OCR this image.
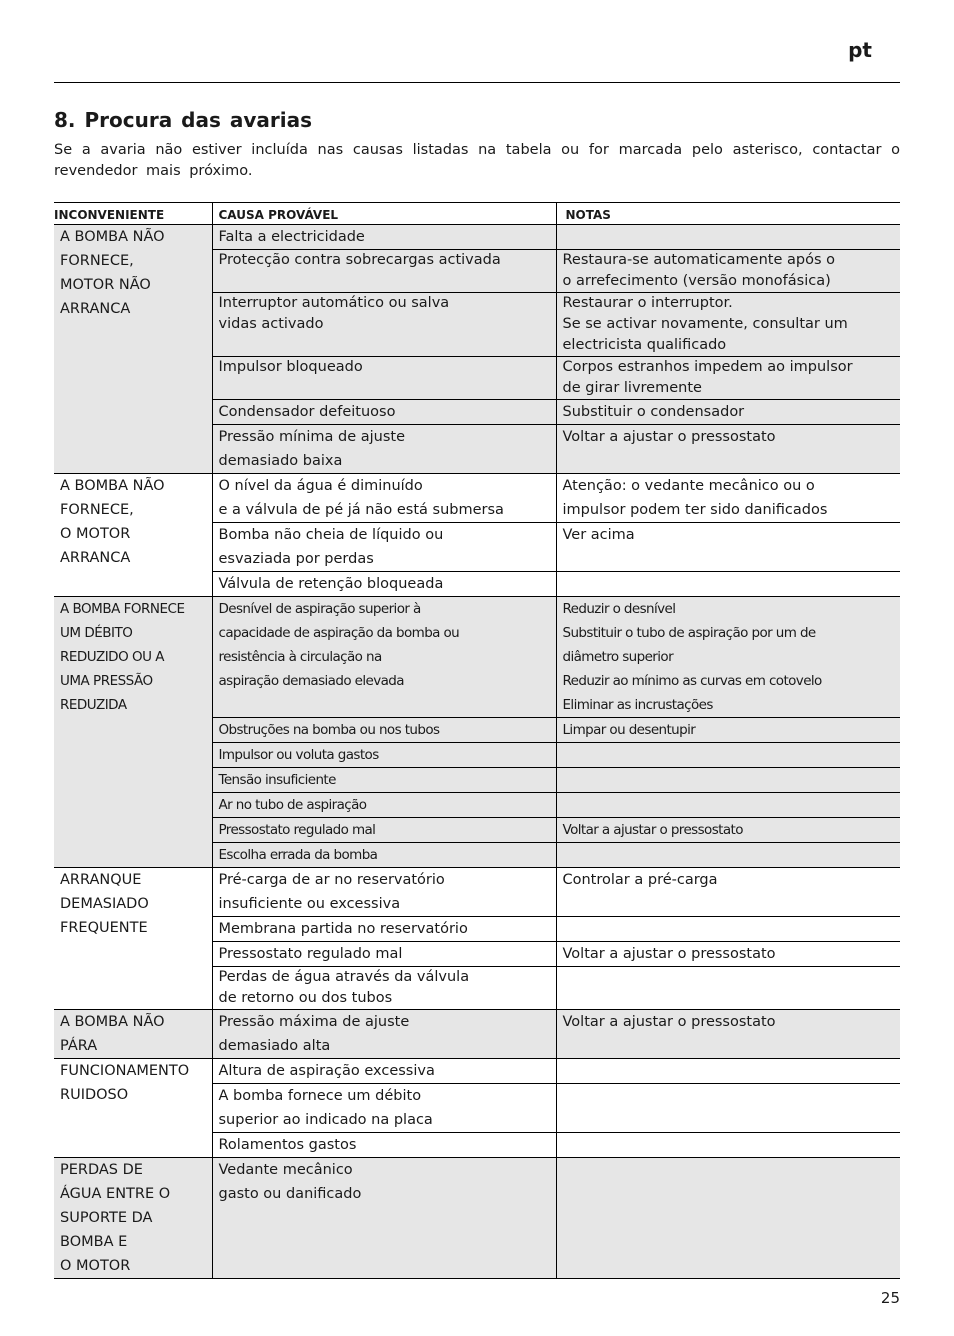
pt
8. Procura das avarias

Se a avaria não estiver incluída nas causas listadas na tabela ou for marcada pelo asterisco, contactar o revendedor mais próximo.

INCONVENIENTE	CAUSA PROVÁVEL	NOTAS

A BOMBA NÃO
FORNECE,
MOTOR NÃO
ARRANCA	Falta a electricidade	

	Protecção contra sobrecargas activada	Restaura-se automaticamente após o
o arrefecimento (versão monofásica)

	Interruptor automático ou salva
vidas activado	Restaurar o interruptor.
Se se activar novamente, consultar um
electricista qualificado

	Impulsor bloqueado	Corpos estranhos impedem ao impulsor
de girar livremente

	Condensador defeituoso	Substituir o condensador

	Pressão mínima de ajuste
demasiado baixa	Voltar a ajustar o pressostato

A BOMBA NÃO
FORNECE,
O MOTOR
ARRANCA	O nível da água é diminuído
e a válvula de pé já não está submersa	Atenção: o vedante mecânico ou o
impulsor podem ter sido danificados

	Bomba não cheia de líquido ou
esvaziada por perdas	Ver acima

	Válvula de retenção bloqueada	

A BOMBA FORNECE
UM DÉBITO
REDUZIDO OU A
UMA PRESSÃO
REDUZIDA	Desnível de aspiração superior à
capacidade de aspiração da bomba ou
resistência à circulação na
aspiração demasiado elevada	Reduzir o desnível
Substituir o tubo de aspiração por um de
diâmetro superior
Reduzir ao mínimo as curvas em cotovelo
Eliminar as incrustações

	Obstruções na bomba ou nos tubos	Limpar ou desentupir

	Impulsor ou voluta gastos	

	Tensão insuficiente	

	Ar no tubo de aspiração	

	Pressostato regulado mal	Voltar a ajustar o pressostato

	Escolha errada da bomba	

ARRANQUE
DEMASIADO
FREQUENTE	Pré-carga de ar no reservatório
insuficiente ou excessiva	Controlar a pré-carga

	Membrana partida no reservatório	

	Pressostato regulado mal	Voltar a ajustar o pressostato

	Perdas de água através da válvula
de retorno ou dos tubos	

A BOMBA NÃO
PÁRA	Pressão máxima de ajuste
demasiado alta	Voltar a ajustar o pressostato

FUNCIONAMENTO
RUIDOSO	Altura de aspiração excessiva	

	A bomba fornece um débito
superior ao indicado na placa	

	Rolamentos gastos	

PERDAS DE
ÁGUA ENTRE O
SUPORTE DA
BOMBA E
O MOTOR	Vedante mecânico
gasto ou danificado	

25
